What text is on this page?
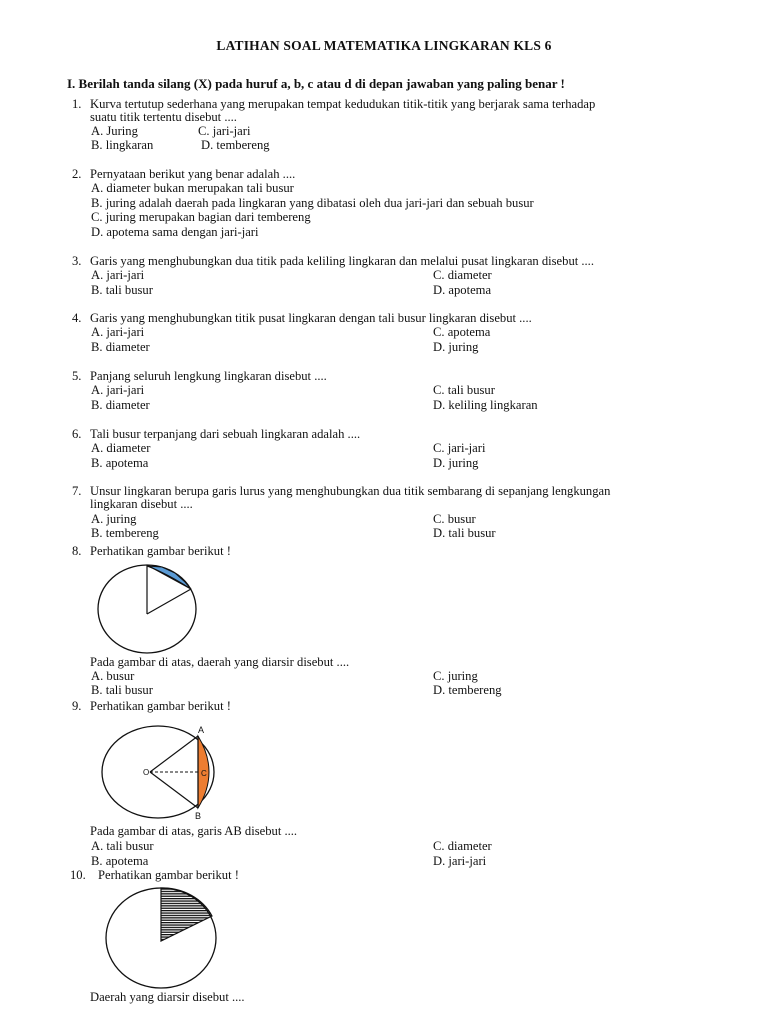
LATIHAN SOAL MATEMATIKA LINGKARAN KLS 6
I. Berilah tanda silang (X) pada huruf a, b, c atau d di depan jawaban yang paling benar !
1. Kurva tertutup sederhana yang merupakan tempat kedudukan titik-titik yang berjarak sama terhadap
suatu titik tertentu disebut ....
A. Juring	C. jari-jari
B. lingkaran	D. tembereng
2. Pernyataan berikut yang benar adalah ....
A. diameter bukan merupakan tali busur
B. juring adalah daerah pada lingkaran yang dibatasi oleh dua jari-jari dan sebuah busur
C. juring merupakan bagian dari tembereng
D. apotema sama dengan jari-jari
3. Garis yang menghubungkan dua titik pada keliling lingkaran dan melalui pusat lingkaran disebut ....
A. jari-jari	C. diameter
B. tali busur	D. apotema
4. Garis yang menghubungkan titik pusat lingkaran dengan tali busur lingkaran disebut ....
A. jari-jari	C. apotema
B. diameter	D. juring
5. Panjang seluruh lengkung lingkaran disebut ....
A. jari-jari	C. tali busur
B. diameter	D. keliling lingkaran
6. Tali busur terpanjang dari sebuah lingkaran adalah ....
A. diameter	C. jari-jari
B. apotema	D. juring
7. Unsur lingkaran berupa garis lurus yang menghubungkan dua titik sembarang di sepanjang lengkungan
lingkaran disebut ....
A. juring	C. busur
B. tembereng	D. tali busur
8. Perhatikan gambar berikut !
Pada gambar di atas, daerah yang diarsir disebut ....
A. busur	C. juring
B. tali busur	D. tembereng
9. Perhatikan gambar berikut !
A
B
C
O
Pada gambar di atas, garis AB disebut ....
A. tali busur	C. diameter
B. apotema	D. jari-jari
10. Perhatikan gambar berikut !
Daerah yang diarsir disebut ....
